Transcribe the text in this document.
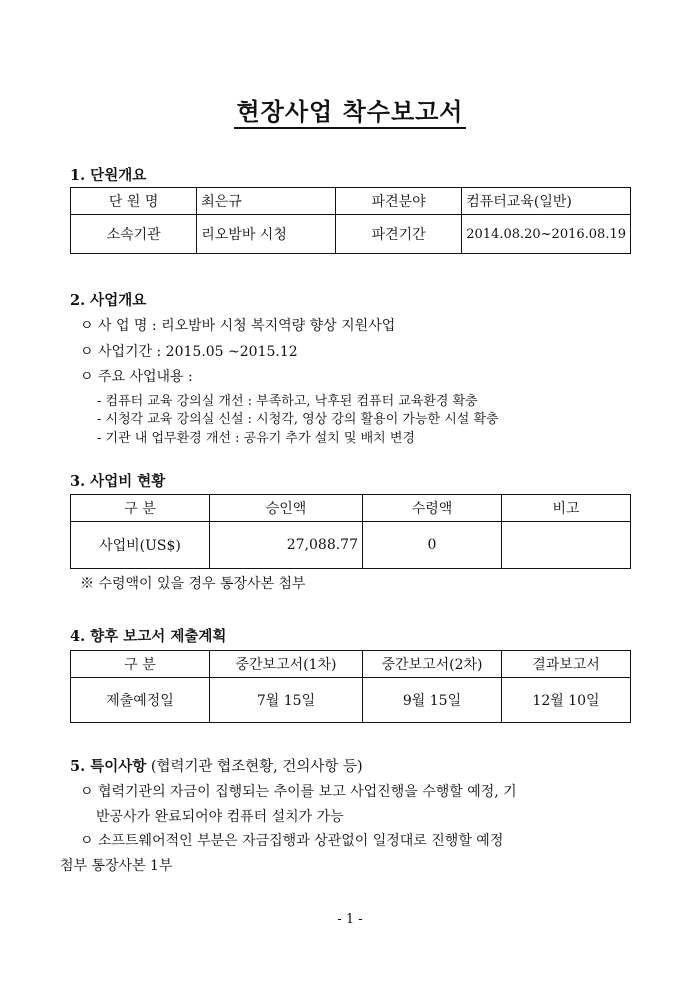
현장사업 착수보고서
1. 단원개요
단 원 명	최은규	파견분야	컴퓨터교육(일반)
소속기관	리오밤바 시청	파견기간	2014.08.20~2016.08.19
2. 사업개요
ㅇ 사 업 명 : 리오밤바 시청 복지역량 향상 지원사업
ㅇ 사업기간 : 2015.05 ~2015.12
ㅇ 주요 사업내용 :
- 컴퓨터 교육 강의실 개선 : 부족하고, 낙후된 컴퓨터 교육환경 확충
- 시청각 교육 강의실 신설 : 시청각, 영상 강의 활용이 가능한 시설 확충
- 기관 내 업무환경 개선 : 공유기 추가 설치 및 배치 변경
3. 사업비 현황
구 분	승인액	수령액	비고
사업비(US$)	27,088.77	0	
※ 수령액이 있을 경우 통장사본 첨부
4. 향후 보고서 제출계획
구 분	중간보고서(1차)	중간보고서(2차)	결과보고서
제출예정일	7월 15일	9월 15일	12월 10일
5. 특이사항 (협력기관 협조현황, 건의사항 등)
ㅇ 협력기관의 자금이 집행되는 추이를 보고 사업진행을 수행할 예정, 기
반공사가 완료되어야 컴퓨터 설치가 가능
ㅇ 소프트웨어적인 부분은 자금집행과 상관없이 일정대로 진행할 예정
첨부 통장사본 1부
- 1 -
